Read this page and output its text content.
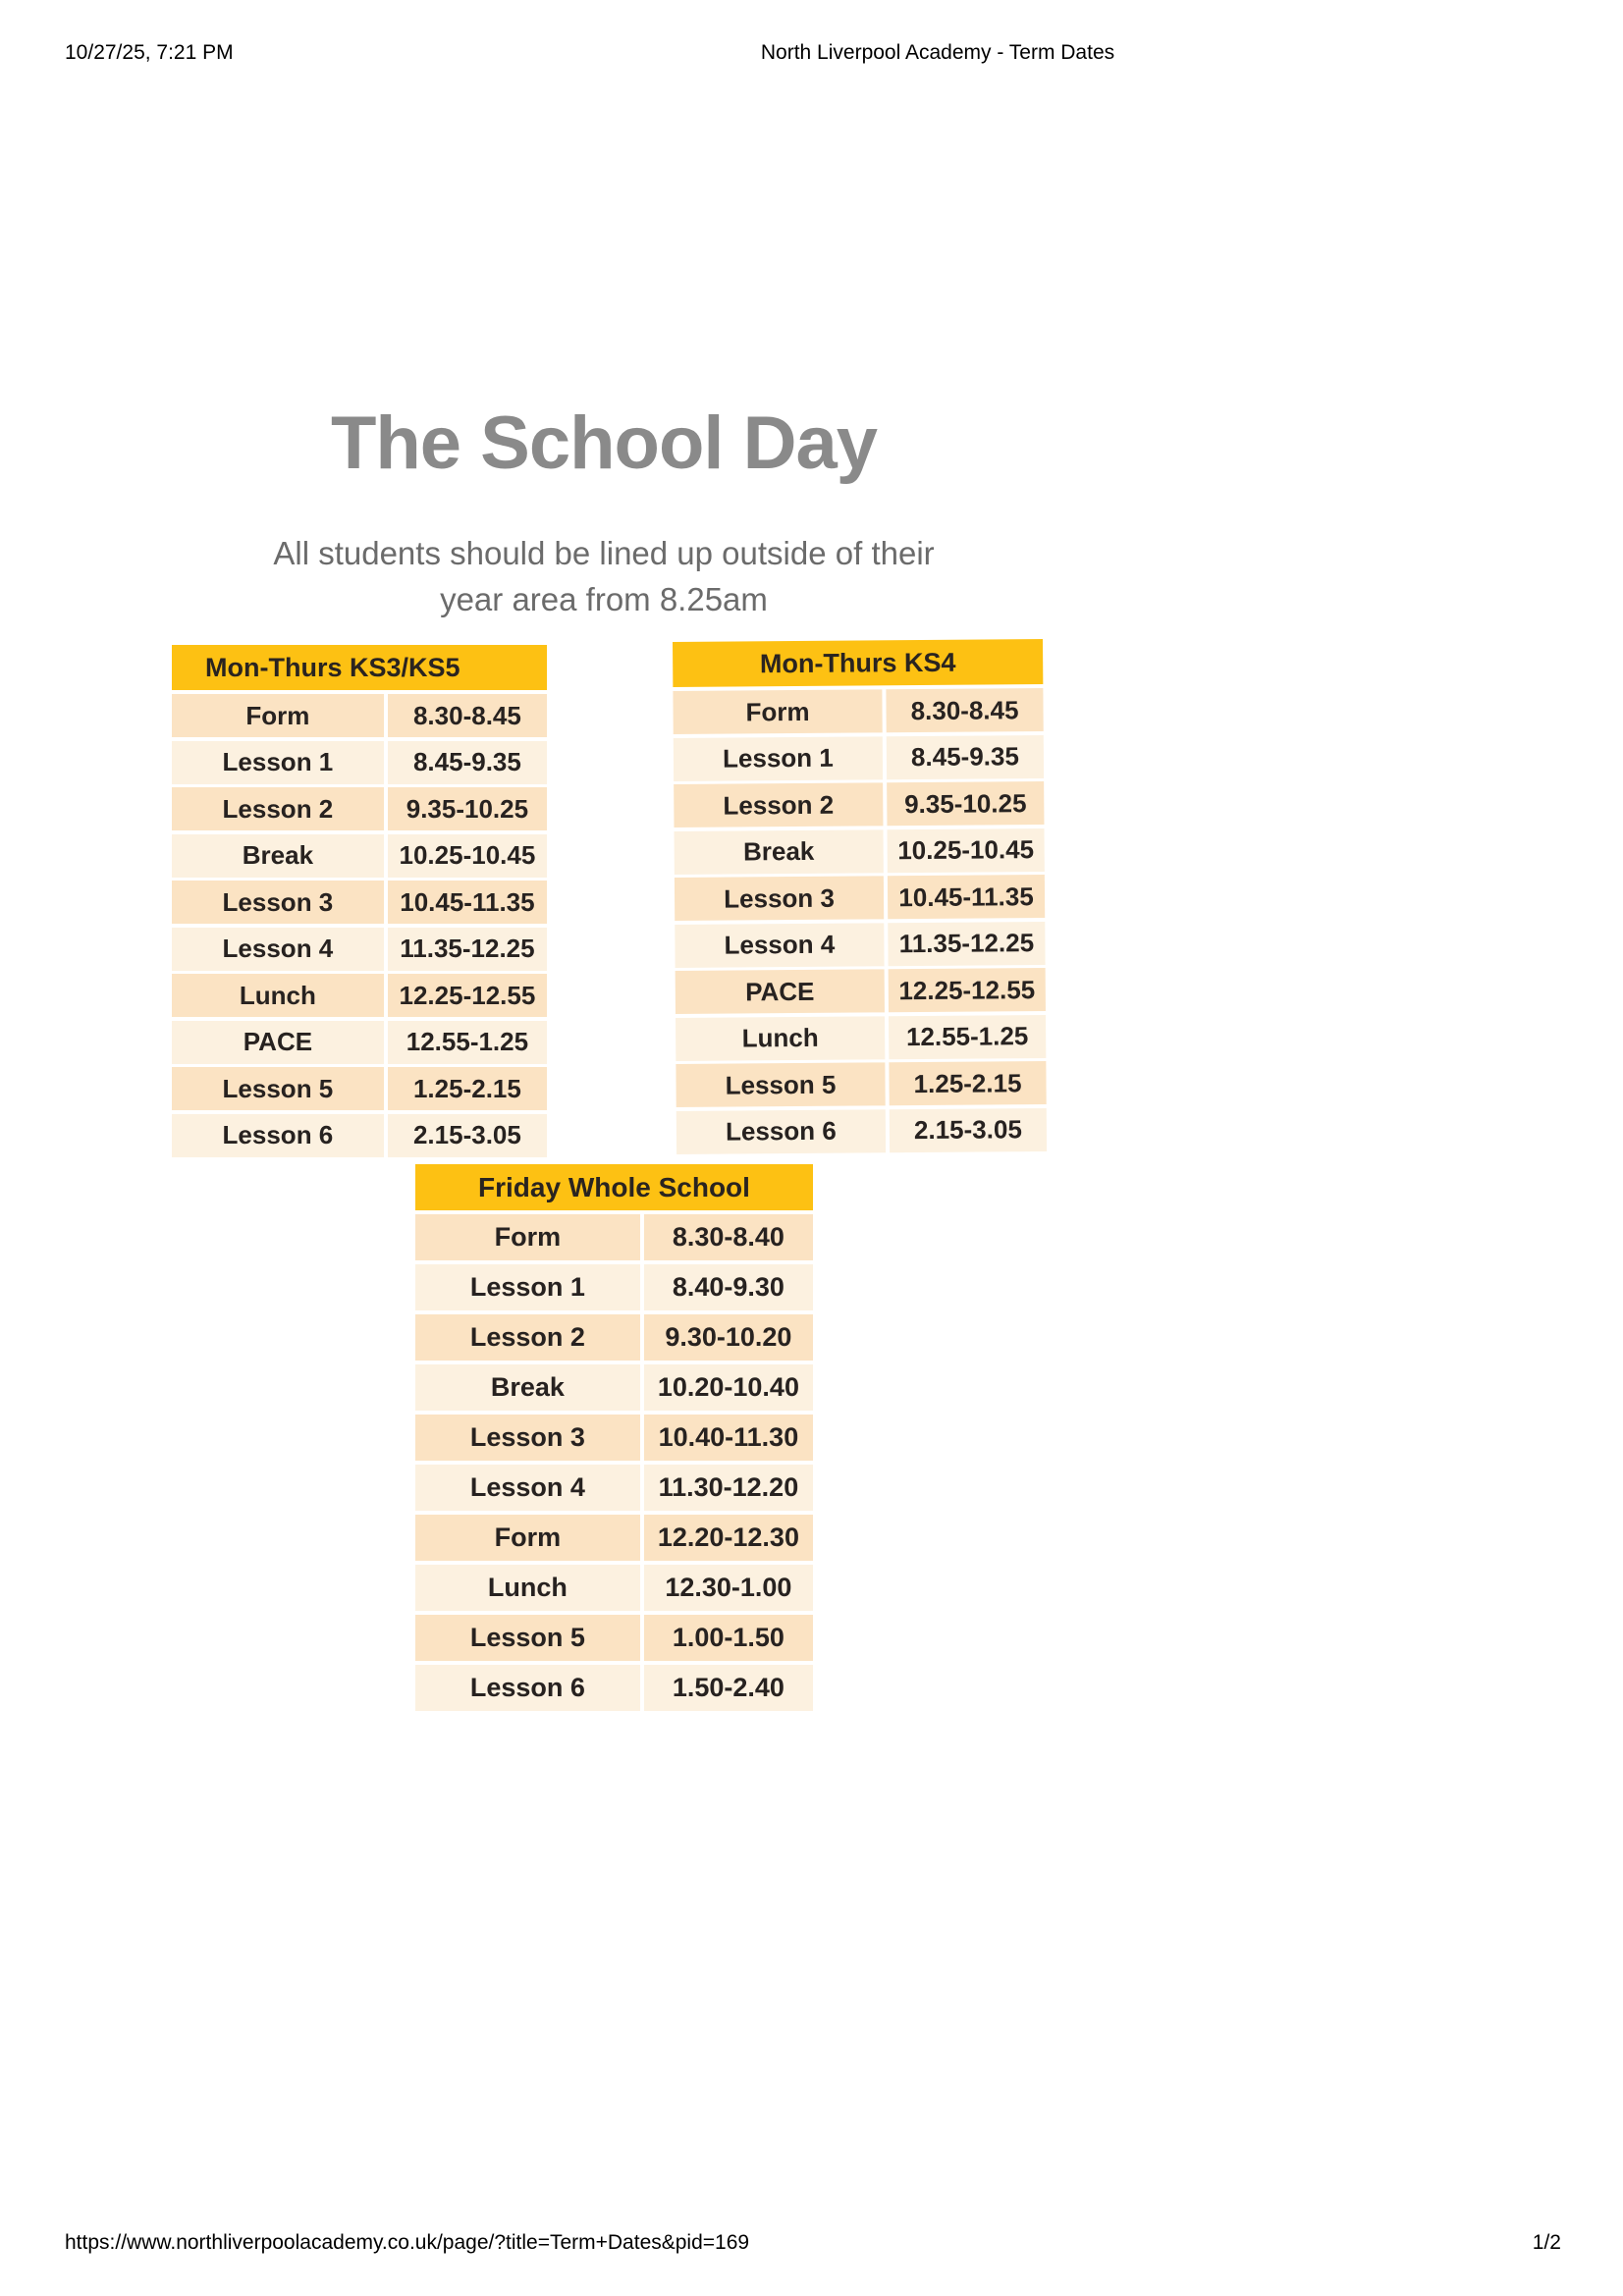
10/27/25, 7:21 PM	North Liverpool Academy - Term Dates
The School Day
All students should be lined up outside of their
year area from 8.25am
Mon-Thurs KS3/KS5
Form	8.30-8.45
Lesson 1	8.45-9.35
Lesson 2	9.35-10.25
Break	10.25-10.45
Lesson 3	10.45-11.35
Lesson 4	11.35-12.25
Lunch	12.25-12.55
PACE	12.55-1.25
Lesson 5	1.25-2.15
Lesson 6	2.15-3.05
Mon-Thurs KS4
Form	8.30-8.45
Lesson 1	8.45-9.35
Lesson 2	9.35-10.25
Break	10.25-10.45
Lesson 3	10.45-11.35
Lesson 4	11.35-12.25
PACE	12.25-12.55
Lunch	12.55-1.25
Lesson 5	1.25-2.15
Lesson 6	2.15-3.05
Friday Whole School
Form	8.30-8.40
Lesson 1	8.40-9.30
Lesson 2	9.30-10.20
Break	10.20-10.40
Lesson 3	10.40-11.30
Lesson 4	11.30-12.20
Form	12.20-12.30
Lunch	12.30-1.00
Lesson 5	1.00-1.50
Lesson 6	1.50-2.40
https://www.northliverpoolacademy.co.uk/page/?title=Term+Dates&pid=169	1/2
